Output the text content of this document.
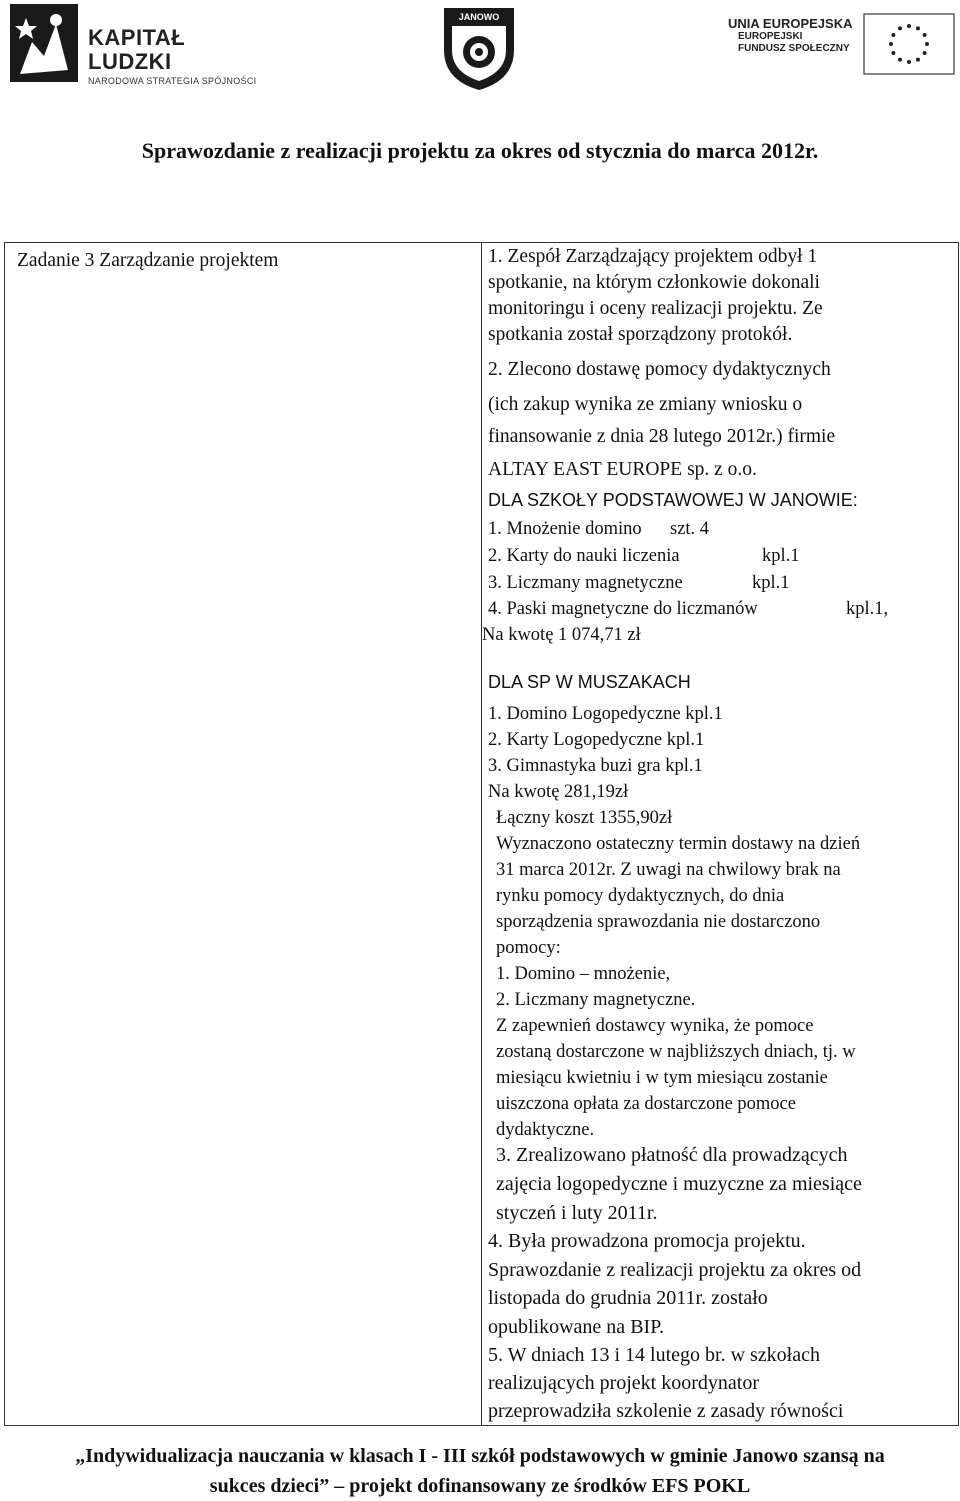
KAPITAŁ LUDZKI
NARODOWA STRATEGIA SPÓJNOŚCI
JANOWO	UNIA EUROPEJSKA
EUROPEJSKI
FUNDUSZ SPOŁECZNY
Sprawozdanie z realizacji projektu za okres od stycznia do marca 2012r.
Zadanie 3 Zarządzanie projektem	1. Zespół Zarządzający projektem odbył 1
spotkanie, na którym członkowie dokonali
monitoringu i oceny realizacji projektu. Ze
spotkania został sporządzony protokół.
2. Zlecono dostawę pomocy dydaktycznych
(ich zakup wynika ze zmiany wniosku o
finansowanie z dnia 28 lutego 2012r.) firmie
ALTAY EAST EUROPE sp. z o.o.
DLA SZKOŁY PODSTAWOWEJ W JANOWIE:
1. Mnożenie domino szt. 4
2. Karty do nauki liczenia	kpl.1
3. Liczmany magnetyczne	kpl.1
4. Paski magnetyczne do liczmanów	kpl.1,
Na kwotę 1 074,71 zł
DLA SP W MUSZAKACH
1. Domino Logopedyczne kpl.1
2. Karty Logopedyczne kpl.1
3. Gimnastyka buzi gra kpl.1
Na kwotę 281,19zł
Łączny koszt 1355,90zł
Wyznaczono ostateczny termin dostawy na dzień
31 marca 2012r. Z uwagi na chwilowy brak na
rynku pomocy dydaktycznych, do dnia
sporządzenia sprawozdania nie dostarczono
pomocy:
1. Domino – mnożenie,
2. Liczmany magnetyczne.
Z zapewnień dostawcy wynika, że pomoce
zostaną dostarczone w najbliższych dniach, tj. w
miesiącu kwietniu i w tym miesiącu zostanie
uiszczona opłata za dostarczone pomoce
dydaktyczne.
3. Zrealizowano płatność dla prowadzących
zajęcia logopedyczne i muzyczne za miesiące
styczeń i luty 2011r.
4. Była prowadzona promocja projektu.
Sprawozdanie z realizacji projektu za okres od
listopada do grudnia 2011r. zostało
opublikowane na BIP.
5. W dniach 13 i 14 lutego br. w szkołach
realizujących projekt koordynator
przeprowadziła szkolenie z zasady równości
„Indywidualizacja nauczania w klasach I - III szkół podstawowych w gminie Janowo szansą na
sukces dzieci” – projekt dofinansowany ze środków EFS POKL
